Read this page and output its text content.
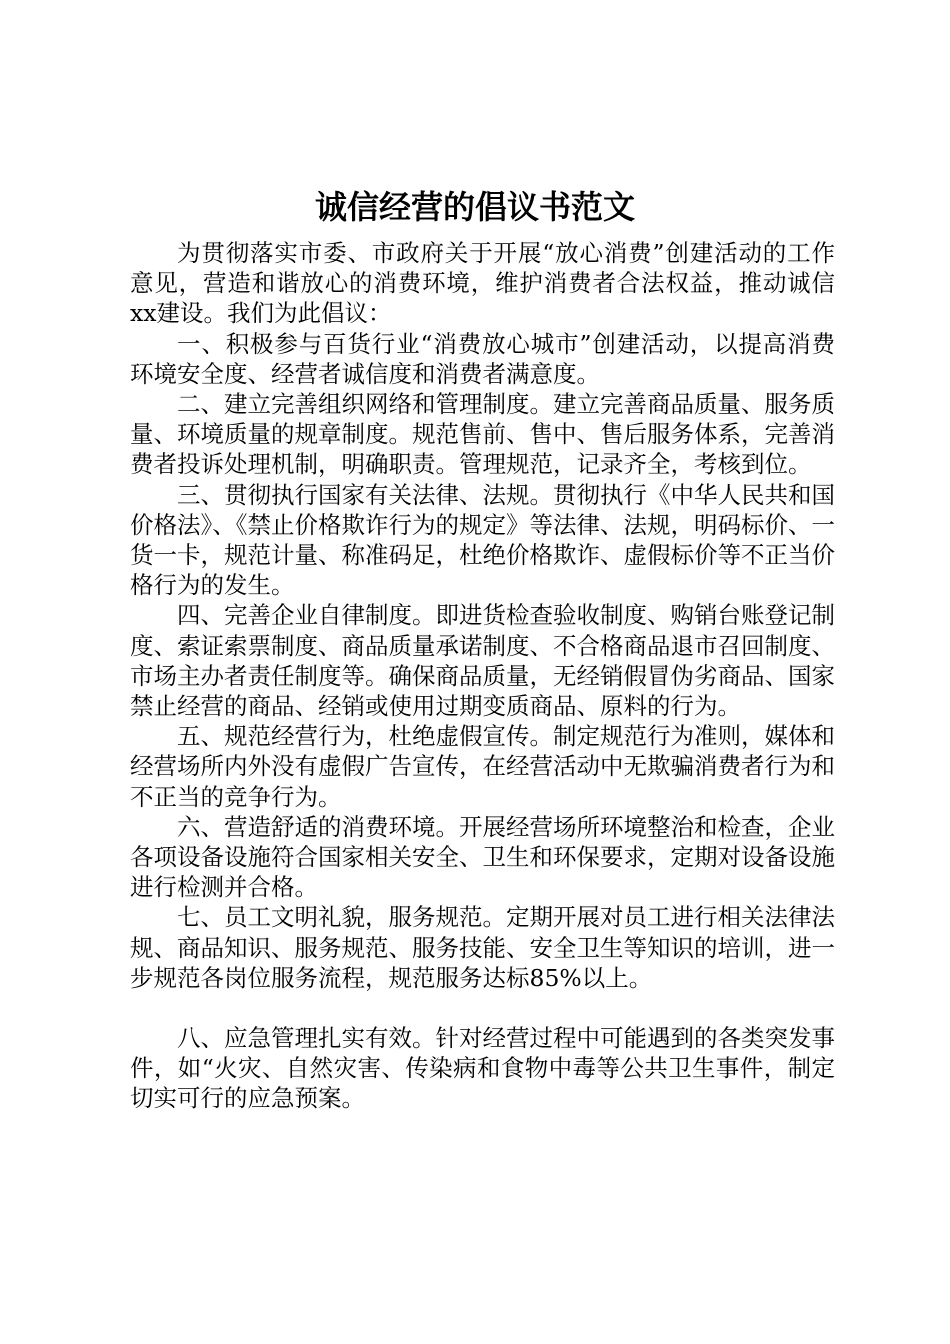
诚信经营的倡议书范文

为贯彻落实市委、市政府关于开展“放心消费”创建活动的工作意见，营造和谐放心的消费环境，维护消费者合法权益，推动诚信xx建设。我们为此倡议：

一、积极参与百货行业“消费放心城市”创建活动，以提高消费环境安全度、经营者诚信度和消费者满意度。

二、建立完善组织网络和管理制度。建立完善商品质量、服务质量、环境质量的规章制度。规范售前、售中、售后服务体系，完善消费者投诉处理机制，明确职责。管理规范，记录齐全，考核到位。

三、贯彻执行国家有关法律、法规。贯彻执行《中华人民共和国价格法》、《禁止价格欺诈行为的规定》等法律、法规，明码标价、一货一卡，规范计量、称准码足，杜绝价格欺诈、虚假标价等不正当价格行为的发生。

四、完善企业自律制度。即进货检查验收制度、购销台账登记制度、索证索票制度、商品质量承诺制度、不合格商品退市召回制度、市场主办者责任制度等。确保商品质量，无经销假冒伪劣商品、国家禁止经营的商品、经销或使用过期变质商品、原料的行为。

五、规范经营行为，杜绝虚假宣传。制定规范行为准则，媒体和经营场所内外没有虚假广告宣传，在经营活动中无欺骗消费者行为和不正当的竞争行为。

六、营造舒适的消费环境。开展经营场所环境整治和检查，企业各项设备设施符合国家相关安全、卫生和环保要求，定期对设备设施进行检测并合格。

七、员工文明礼貌，服务规范。定期开展对员工进行相关法律法规、商品知识、服务规范、服务技能、安全卫生等知识的培训，进一步规范各岗位服务流程，规范服务达标85%以上。

八、应急管理扎实有效。针对经营过程中可能遇到的各类突发事件，如“火灾、自然灾害、传染病和食物中毒等公共卫生事件，制定切实可行的应急预案。
